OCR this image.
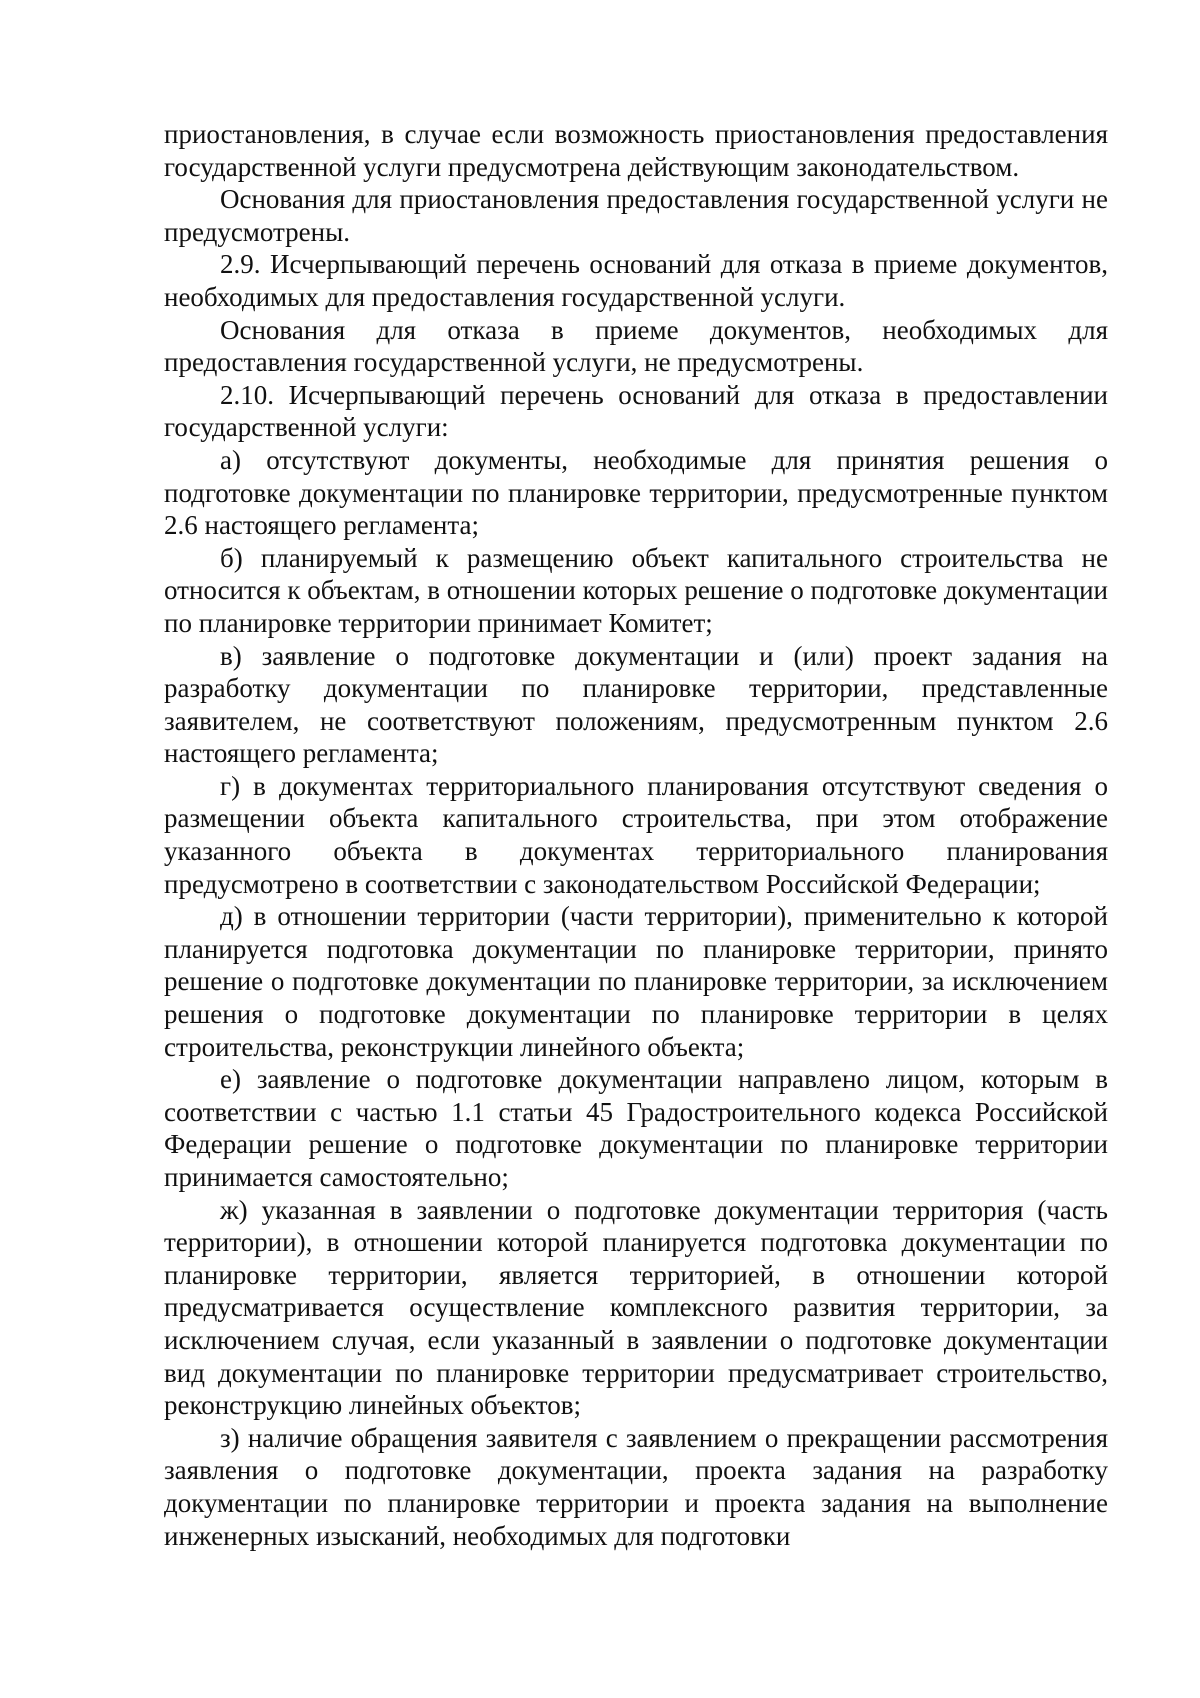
приостановления, в случае если возможность приостановления предоставления государственной услуги предусмотрена действующим законодательством.

Основания для приостановления предоставления государственной услуги не предусмотрены.

2.9. Исчерпывающий перечень оснований для отказа в приеме документов, необходимых для предоставления государственной услуги.

Основания для отказа в приеме документов, необходимых для предоставления государственной услуги, не предусмотрены.

2.10. Исчерпывающий перечень оснований для отказа в предоставлении государственной услуги:

а) отсутствуют документы, необходимые для принятия решения о подготовке документации по планировке территории, предусмотренные пунктом 2.6 настоящего регламента;

б) планируемый к размещению объект капитального строительства не относится к объектам, в отношении которых решение о подготовке документации по планировке территории принимает Комитет;

в) заявление о подготовке документации и (или) проект задания на разработку документации по планировке территории, представленные заявителем, не соответствуют положениям, предусмотренным пунктом 2.6 настоящего регламента;

г) в документах территориального планирования отсутствуют сведения о размещении объекта капитального строительства, при этом отображение указанного объекта в документах территориального планирования предусмотрено в соответствии с законодательством Российской Федерации;

д) в отношении территории (части территории), применительно к которой планируется подготовка документации по планировке территории, принято решение о подготовке документации по планировке территории, за исключением решения о подготовке документации по планировке территории в целях строительства, реконструкции линейного объекта;

е) заявление о подготовке документации направлено лицом, которым в соответствии с частью 1.1 статьи 45 Градостроительного кодекса Российской Федерации решение о подготовке документации по планировке территории принимается самостоятельно;

ж) указанная в заявлении о подготовке документации территория (часть территории), в отношении которой планируется подготовка документации по планировке территории, является территорией, в отношении которой предусматривается осуществление комплексного развития территории, за исключением случая, если указанный в заявлении о подготовке документации вид документации по планировке территории предусматривает строительство, реконструкцию линейных объектов;

з) наличие обращения заявителя с заявлением о прекращении рассмотрения заявления о подготовке документации, проекта задания на разработку документации по планировке территории и проекта задания на выполнение инженерных изысканий, необходимых для подготовки
